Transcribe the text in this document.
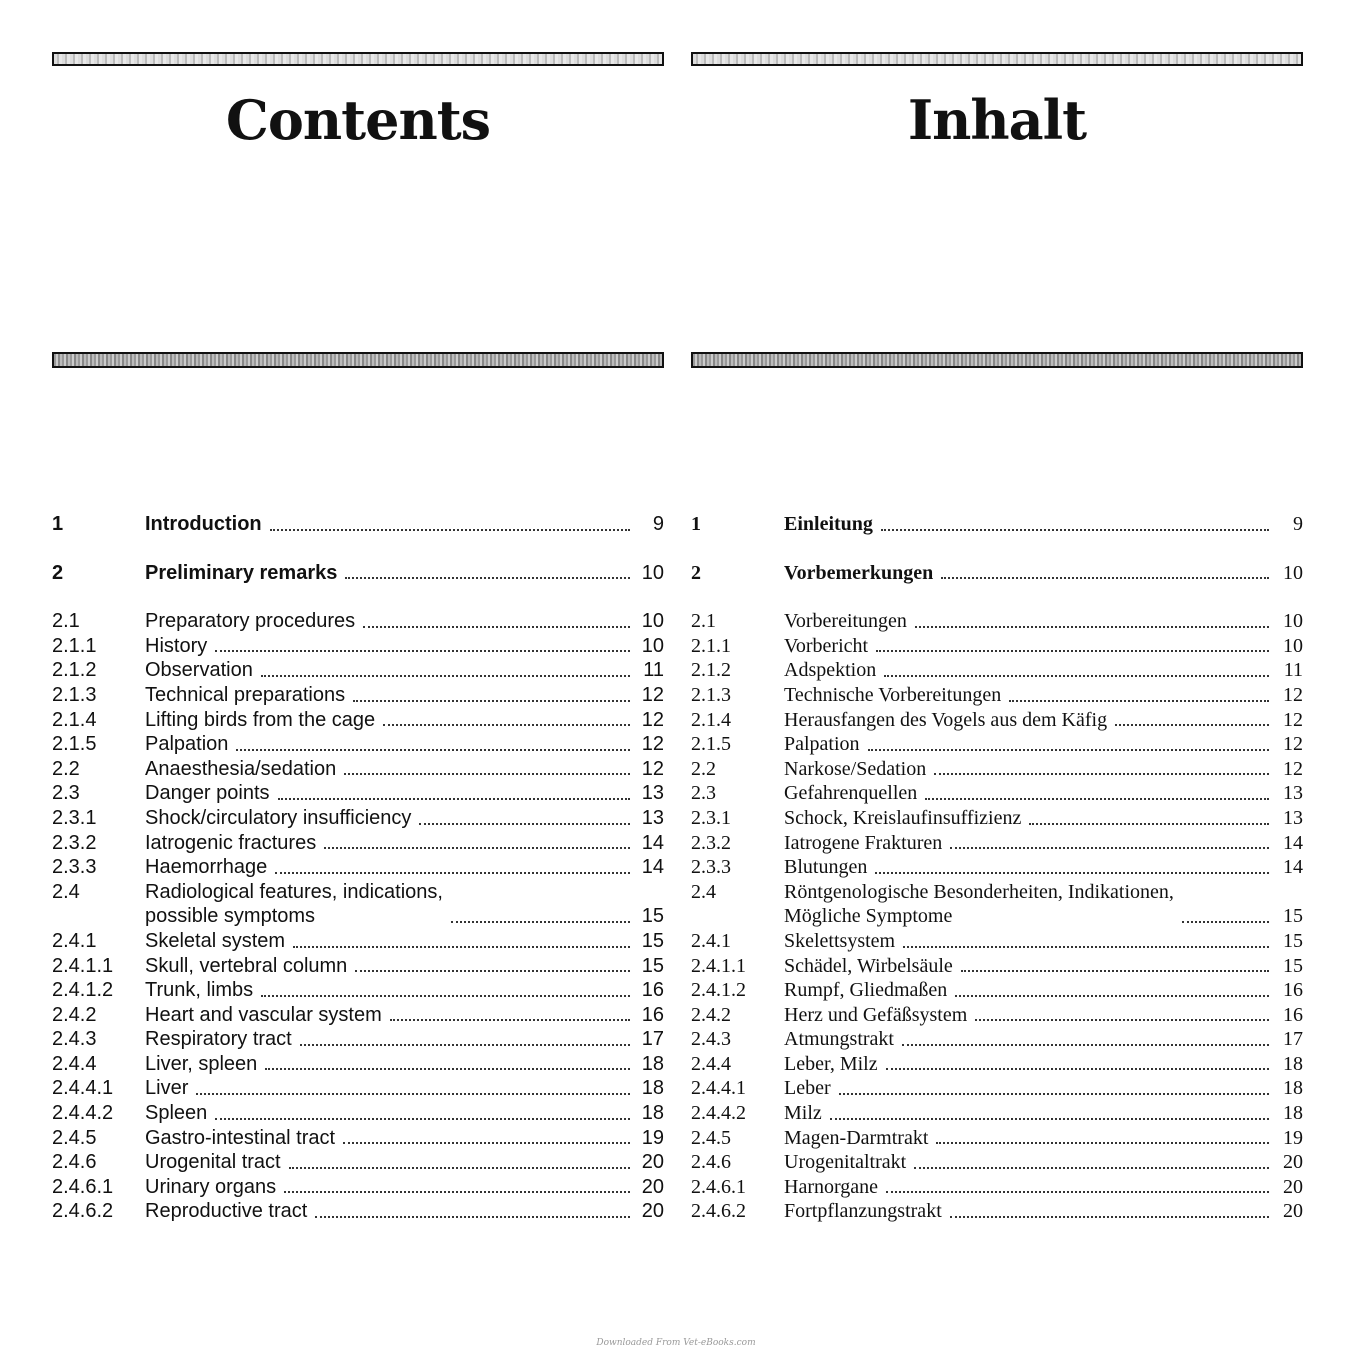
Contents
1	Introduction	9
2	Preliminary remarks	10
2.1	Preparatory procedures	10
2.1.1 History	10
2.1.2 Observation	11
2.1.3 Technical preparations	12
2.1.4 Lifting birds from the cage	12
2.1.5 Palpation	12
2.2	Anaesthesia/sedation	12
2.3	Danger points	13
2.3.1 Shock/circulatory insufficiency	13
2.3.2 Iatrogenic fractures	14
2.3.3 Haemorrhage	14
2.4	Radiological features, indications,
possible symptoms	15
2.4.1 Skeletal system	15
2.4.1.1 Skull, vertebral column	15
2.4.1.2 Trunk, limbs	16
2.4.2 Heart and vascular system	16
2.4.3 Respiratory tract	17
2.4.4 Liver, spleen	18
2.4.4.1 Liver	18
2.4.4.2 Spleen	18
2.4.5 Gastro-intestinal tract	19
2.4.6 Urogenital tract	20
2.4.6.1 Urinary organs	20
2.4.6.2 Reproductive tract	20
Inhalt
1	Einleitung	9
2	Vorbemerkungen	10
2.1	Vorbereitungen	10
2.1.1	Vorbericht	10
2.1.2	Adspektion	11
2.1.3	Technische Vorbereitungen	12
2.1.4	Herausfangen des Vogels aus dem Käfig	12
2.1.5	Palpation	12
2.2	Narkose/Sedation	12
2.3	Gefahrenquellen	13
2.3.1	Schock, Kreislaufinsuffizienz	13
2.3.2	Iatrogene Frakturen	14
2.3.3	Blutungen	14
2.4	Röntgenologische Besonderheiten, Indikationen,
Mögliche Symptome	15
2.4.1	Skelettsystem	15
2.4.1.1 Schädel, Wirbelsäule	15
2.4.1.2 Rumpf, Gliedmaßen	16
2.4.2	Herz und Gefäßsystem	16
2.4.3	Atmungstrakt	17
2.4.4	Leber, Milz	18
2.4.4.1 Leber	18
2.4.4.2 Milz	18
2.4.5	Magen-Darmtrakt	19
2.4.6	Urogenitaltrakt	20
2.4.6.1 Harnorgane	20
2.4.6.2 Fortpflanzungstrakt	20
Downloaded From Vet-eBooks.com
